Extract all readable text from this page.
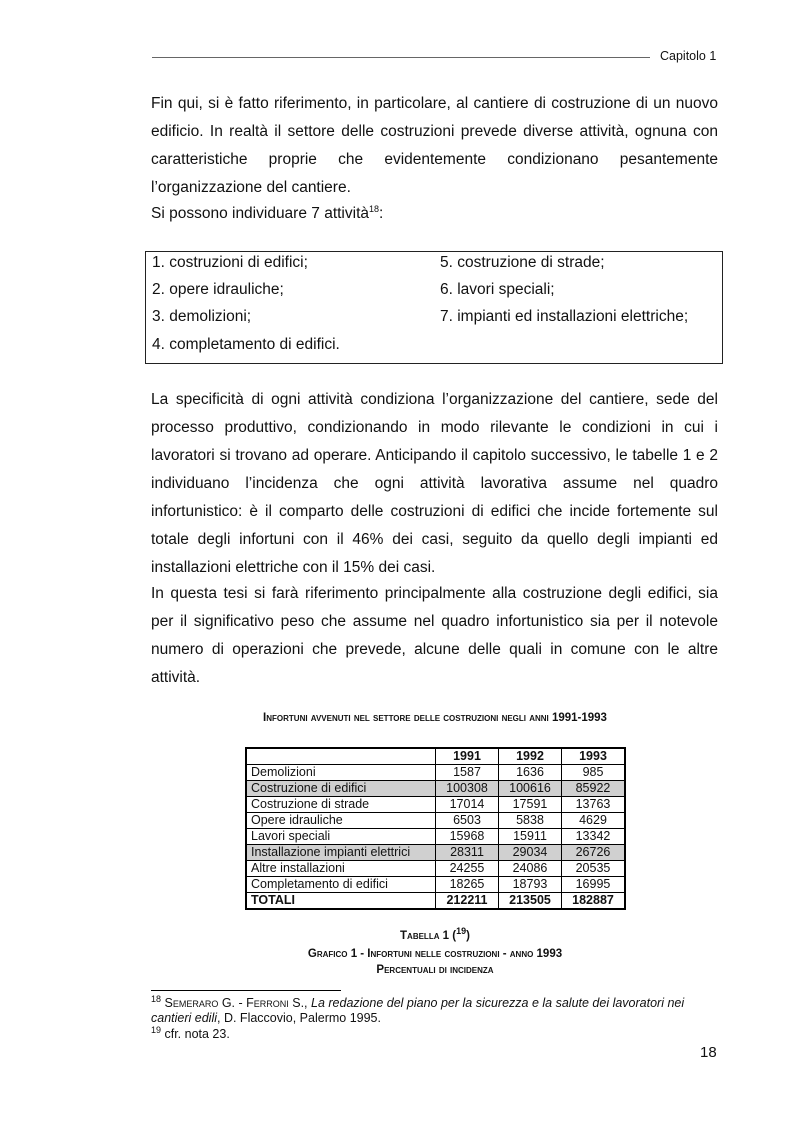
Capitolo 1

Fin qui, si è fatto riferimento, in particolare, al cantiere di costruzione di un nuovo edificio. In realtà il settore delle costruzioni prevede diverse attività, ognuna con caratteristiche proprie che evidentemente condizionano pesantemente l’organizzazione del cantiere.

Si possono individuare 7 attività$^{18}$:

1. costruzioni di edifici;
2. opere idrauliche;
3. demolizioni;
4. completamento di edifici.
5. costruzione di strade;
6. lavori speciali;
7. impianti ed installazioni elettriche;

La specificità di ogni attività condiziona l’organizzazione del cantiere, sede del processo produttivo, condizionando in modo rilevante le condizioni in cui i lavoratori si trovano ad operare. Anticipando il capitolo successivo, le tabelle 1 e 2 individuano l’incidenza che ogni attività lavorativa assume nel quadro infortunistico: è il comparto delle costruzioni di edifici che incide fortemente sul totale degli infortuni con il 46% dei casi, seguito da quello degli impianti ed installazioni elettriche con il 15% dei casi.

In questa tesi si farà riferimento principalmente alla costruzione degli edifici, sia per il significativo peso che assume nel quadro infortunistico sia per il notevole numero di operazioni che prevede, alcune delle quali in comune con le altre attività.

Infortuni avvenuti nel settore delle costruzioni negli anni 1991-1993
	1991	1992	1993
Demolizioni	1587	1636	985
Costruzione di edifici	100308	100616	85922
Costruzione di strade	17014	17591	13763
Opere idrauliche	6503	5838	4629
Lavori speciali	15968	15911	13342
Installazione impianti elettrici	28311	29034	26726
Altre installazioni	24255	24086	20535
Completamento di edifici	18265	18793	16995
TOTALI	212211	213505	182887
Tabella 1 ($^{19}$)
Grafico 1 - Infortuni nelle costruzioni - anno 1993
Percentuali di incidenza
$^{18}$ Semeraro G. - Ferroni S., La redazione del piano per la sicurezza e la salute dei lavoratori nei cantieri edili, D. Flaccovio, Palermo 1995.
$^{19}$ cfr. nota 23.
18
